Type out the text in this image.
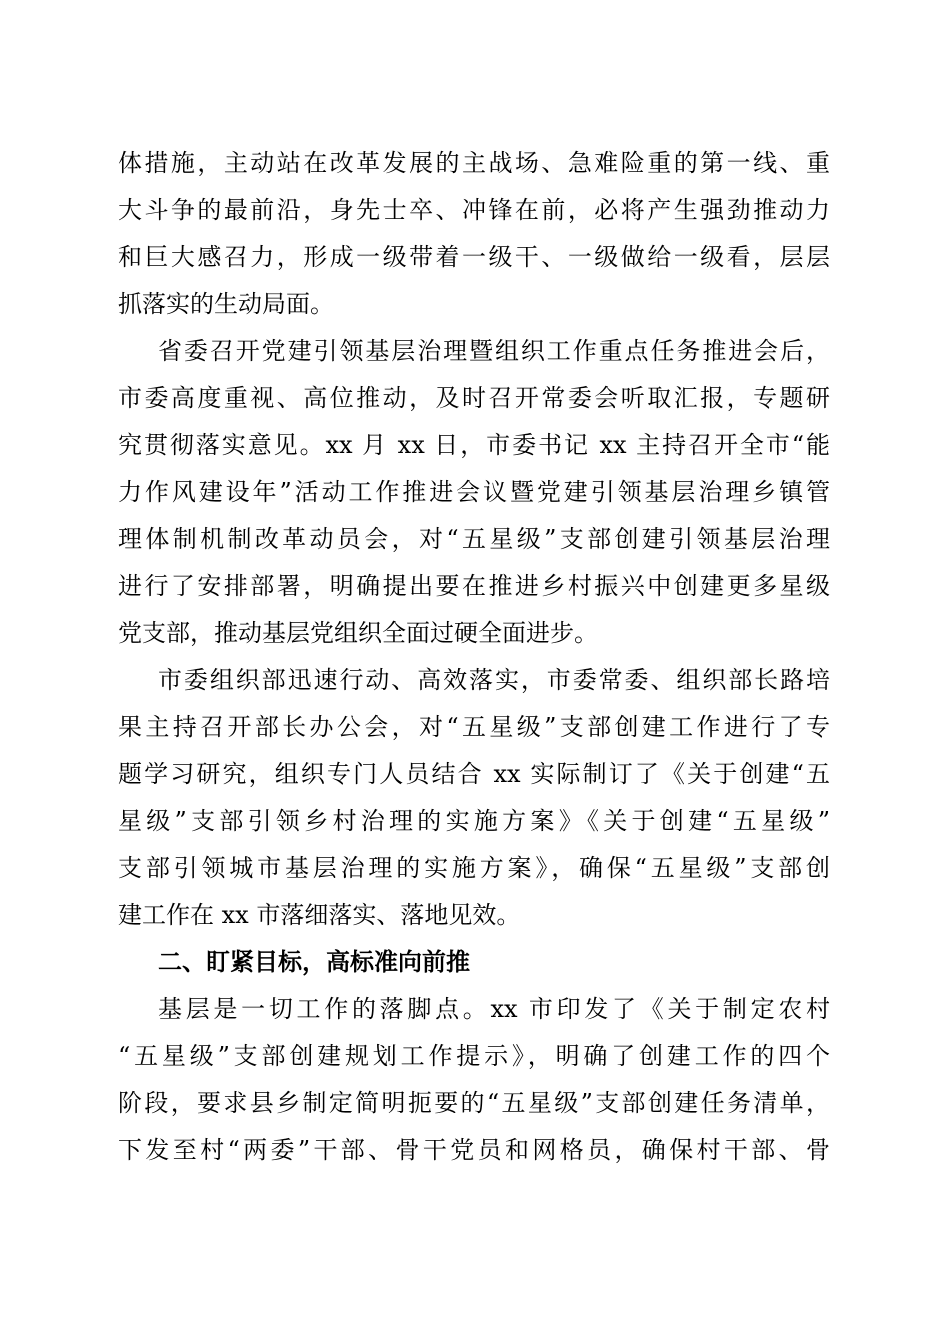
体措施，主动站在改革发展的主战场、急难险重的第一线、重
大斗争的最前沿，身先士卒、冲锋在前，必将产生强劲推动力
和巨大感召力，形成一级带着一级干、一级做给一级看，层层
抓落实的生动局面。
省委召开党建引领基层治理暨组织工作重点任务推进会后，
市委高度重视、高位推动，及时召开常委会听取汇报，专题研
究贯彻落实意见。xx 月 xx 日，市委书记 xx 主持召开全市“能
力作风建设年”活动工作推进会议暨党建引领基层治理乡镇管
理体制机制改革动员会，对“五星级”支部创建引领基层治理
进行了安排部署，明确提出要在推进乡村振兴中创建更多星级
党支部，推动基层党组织全面过硬全面进步。
市委组织部迅速行动、高效落实，市委常委、组织部长路培
果主持召开部长办公会，对“五星级”支部创建工作进行了专
题学习研究，组织专门人员结合 xx 实际制订了《关于创建“五
星级”支部引领乡村治理的实施方案》《关于创建“五星级”
支部引领城市基层治理的实施方案》，确保“五星级”支部创
建工作在 xx 市落细落实、落地见效。
二、盯紧目标，高标准向前推
基层是一切工作的落脚点。xx 市印发了《关于制定农村
“五星级”支部创建规划工作提示》，明确了创建工作的四个
阶段，要求县乡制定简明扼要的“五星级”支部创建任务清单，
下发至村“两委”干部、骨干党员和网格员，确保村干部、骨
